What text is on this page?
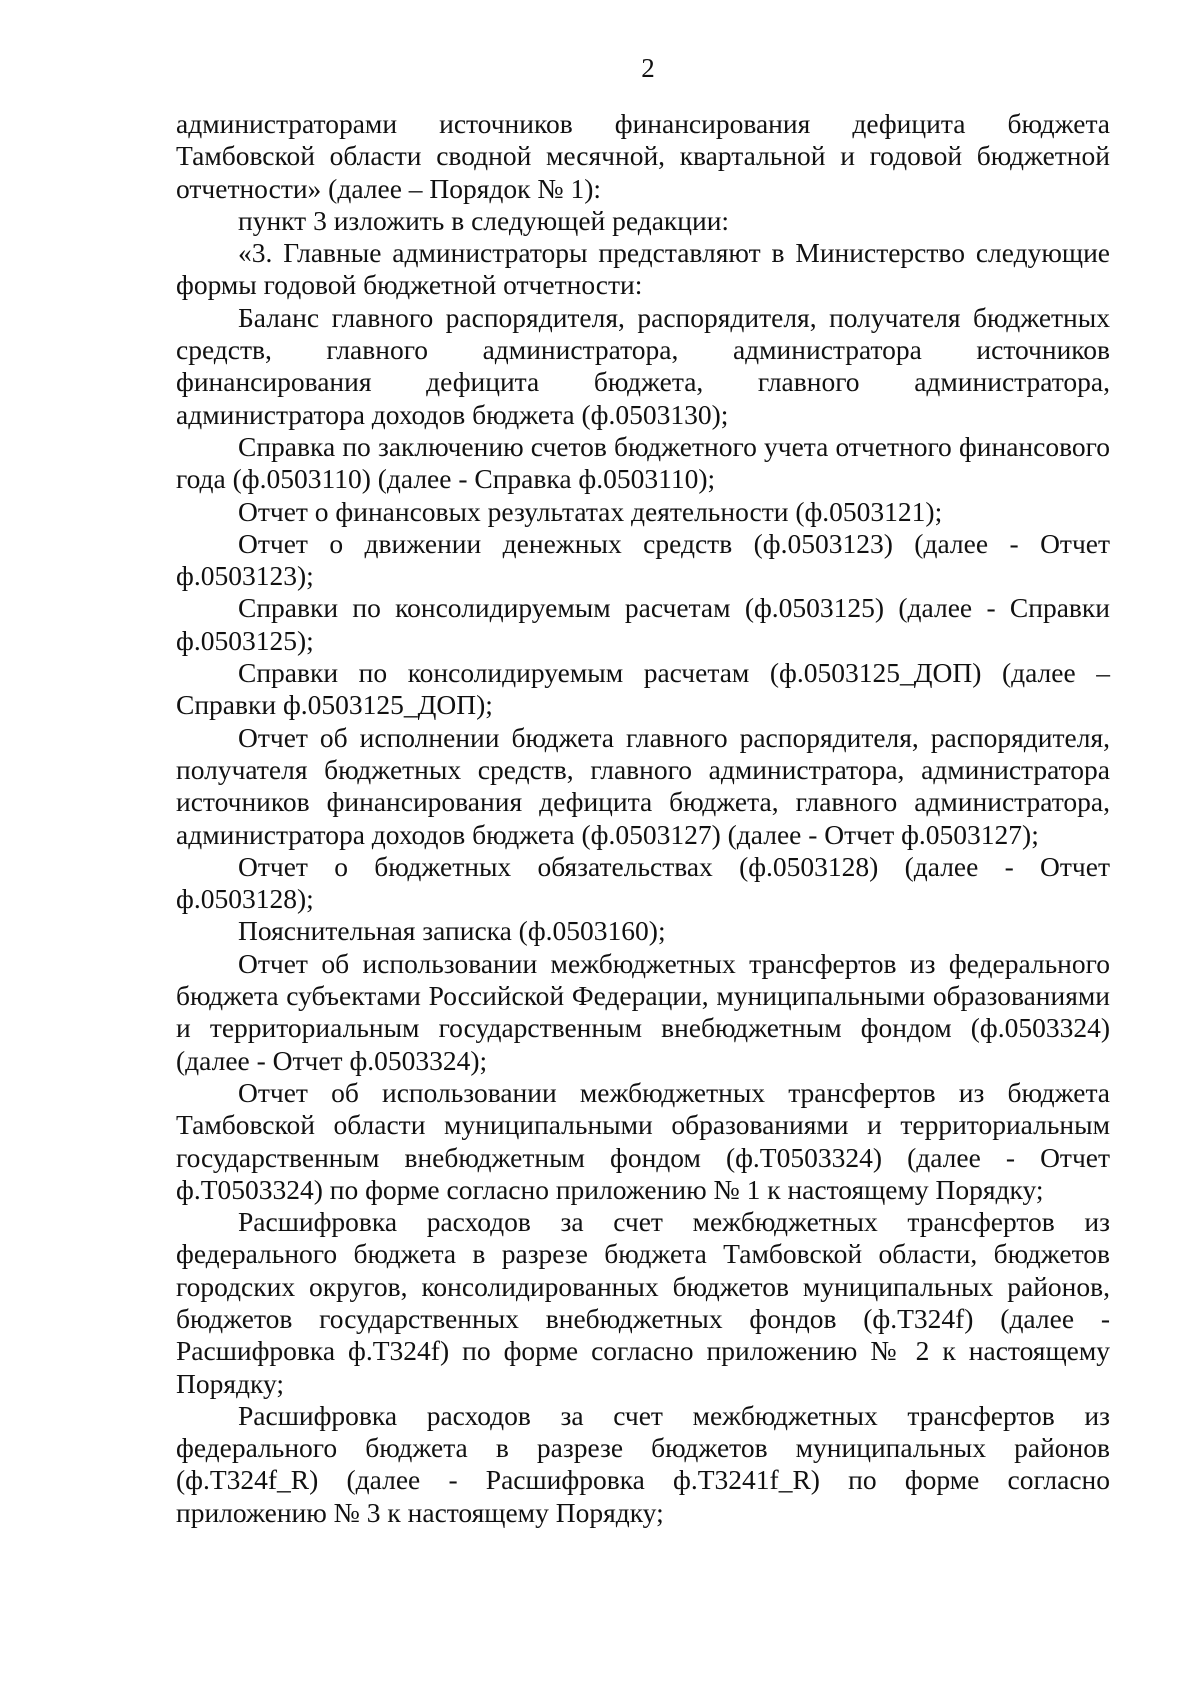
2

администраторами источников финансирования дефицита бюджета Тамбовской области сводной месячной, квартальной и годовой бюджетной отчетности» (далее – Порядок № 1):

пункт 3 изложить в следующей редакции:

«3. Главные администраторы представляют в Министерство следующие формы годовой бюджетной отчетности:

Баланс главного распорядителя, распорядителя, получателя бюджетных средств, главного администратора, администратора источников финансирования дефицита бюджета, главного администратора, администратора доходов бюджета (ф.0503130);

Справка по заключению счетов бюджетного учета отчетного финансового года (ф.0503110) (далее - Справка ф.0503110);

Отчет о финансовых результатах деятельности (ф.0503121);

Отчет о движении денежных средств (ф.0503123) (далее - Отчет ф.0503123);

Справки по консолидируемым расчетам (ф.0503125) (далее - Справки ф.0503125);

Справки по консолидируемым расчетам (ф.0503125_ДОП) (далее – Справки ф.0503125_ДОП);

Отчет об исполнении бюджета главного распорядителя, распорядителя, получателя бюджетных средств, главного администратора, администратора источников финансирования дефицита бюджета, главного администратора, администратора доходов бюджета (ф.0503127) (далее - Отчет ф.0503127);

Отчет о бюджетных обязательствах (ф.0503128) (далее - Отчет ф.0503128);

Пояснительная записка (ф.0503160);

Отчет об использовании межбюджетных трансфертов из федерального бюджета субъектами Российской Федерации, муниципальными образованиями и территориальным государственным внебюджетным фондом (ф.0503324) (далее - Отчет ф.0503324);

Отчет об использовании межбюджетных трансфертов из бюджета Тамбовской области муниципальными образованиями и территориальным государственным внебюджетным фондом (ф.Т0503324) (далее - Отчет ф.Т0503324) по форме согласно приложению № 1 к настоящему Порядку;

Расшифровка расходов за счет межбюджетных трансфертов из федерального бюджета в разрезе бюджета Тамбовской области, бюджетов городских округов, консолидированных бюджетов муниципальных районов, бюджетов государственных внебюджетных фондов (ф.Т324f) (далее - Расшифровка ф.Т324f) по форме согласно приложению № 2 к настоящему Порядку;

Расшифровка расходов за счет межбюджетных трансфертов из федерального бюджета в разрезе бюджетов муниципальных районов (ф.Т324f_R) (далее - Расшифровка ф.Т3241f_R) по форме согласно приложению № 3 к настоящему Порядку;
